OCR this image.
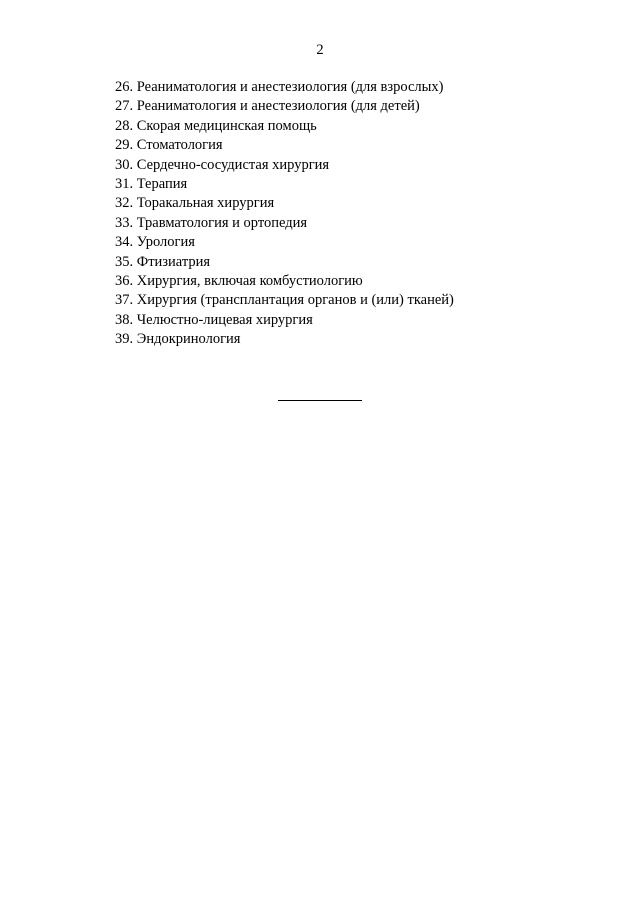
2
26. Реаниматология и анестезиология (для взрослых)
27. Реаниматология и анестезиология (для детей)
28. Скорая медицинская помощь
29. Стоматология
30. Сердечно-сосудистая хирургия
31. Терапия
32. Торакальная хирургия
33. Травматология и ортопедия
34. Урология
35. Фтизиатрия
36. Хирургия, включая комбустиологию
37. Хирургия (трансплантация органов и (или) тканей)
38. Челюстно-лицевая хирургия
39. Эндокринология
